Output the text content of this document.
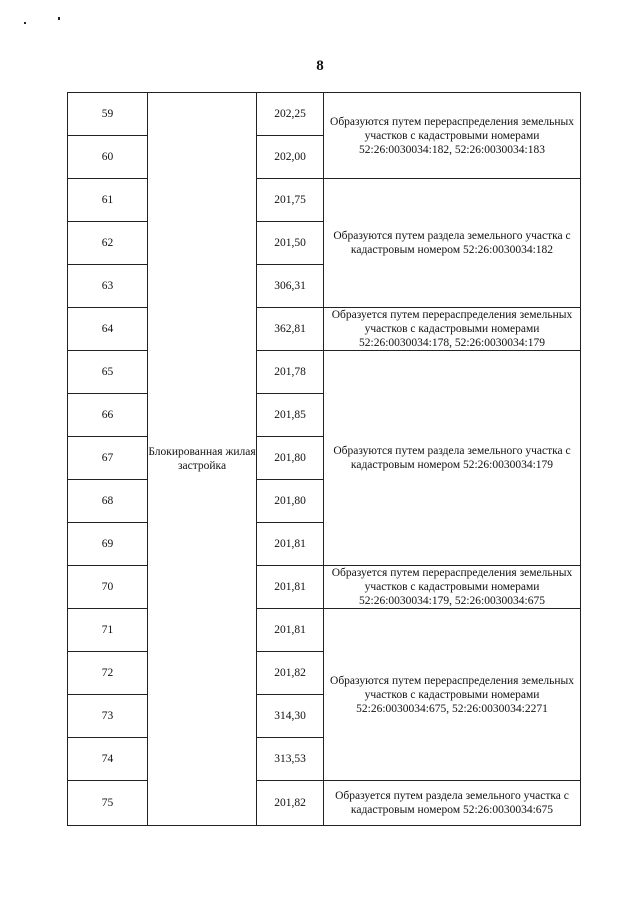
8
59	Блокированная жилая застройка	202,25	Образуются путем перераспределения земельных участков с кадастровыми номерами 52:26:0030034:182, 52:26:0030034:183
60		202,00	
61		201,75	Образуются путем раздела земельного участка с кадастровым номером 52:26:0030034:182
62		201,50	
63		306,31	
64		362,81	Образуется путем перераспределения земельных участков с кадастровыми номерами 52:26:0030034:178, 52:26:0030034:179
65		201,78	Образуются путем раздела земельного участка с кадастровым номером 52:26:0030034:179
66		201,85	
67		201,80	
68		201,80	
69		201,81	
70		201,81	Образуется путем перераспределения земельных участков с кадастровыми номерами 52:26:0030034:179, 52:26:0030034:675
71		201,81	Образуются путем перераспределения земельных участков с кадастровыми номерами 52:26:0030034:675, 52:26:0030034:2271
72		201,82	
73		314,30	
74		313,53	
75		201,82	Образуется путем раздела земельного участка с кадастровым номером 52:26:0030034:675
